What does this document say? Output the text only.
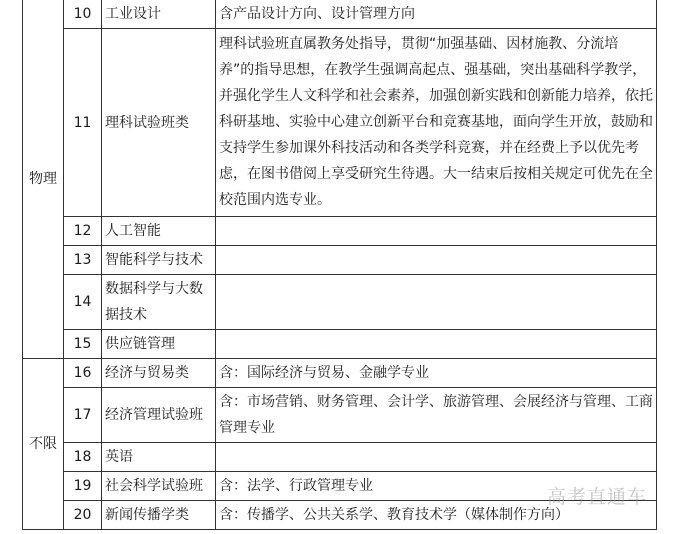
物理	10	工业设计	含产品设计方向、设计管理方向
	11	理科试验班类	理科试验班直属教务处指导，贯彻“加强基础、因材施教、分流培养”的指导思想，在教学生强调高起点、强基础，突出基础科学教学，并强化学生人文科学和社会素养，加强创新实践和创新能力培养，依托科研基地、实验中心建立创新平台和竞赛基地，面向学生开放，鼓励和支持学生参加课外科技活动和各类学科竞赛，并在经费上予以优先考虑，在图书借阅上享受研究生待遇。大一结束后按相关规定可优先在全校范围内选专业。
	12	人工智能	
	13	智能科学与技术	
	14	数据科学与大数据技术	
	15	供应链管理	
不限	16	经济与贸易类	含：国际经济与贸易、金融学专业
	17	经济管理试验班	含：市场营销、财务管理、会计学、旅游管理、会展经济与管理、工商管理专业
	18	英语	
	19	社会科学试验班	含：法学、行政管理专业
	20	新闻传播学类	含：传播学、公共关系学、教育技术学（媒体制作方向）
高考直通车
